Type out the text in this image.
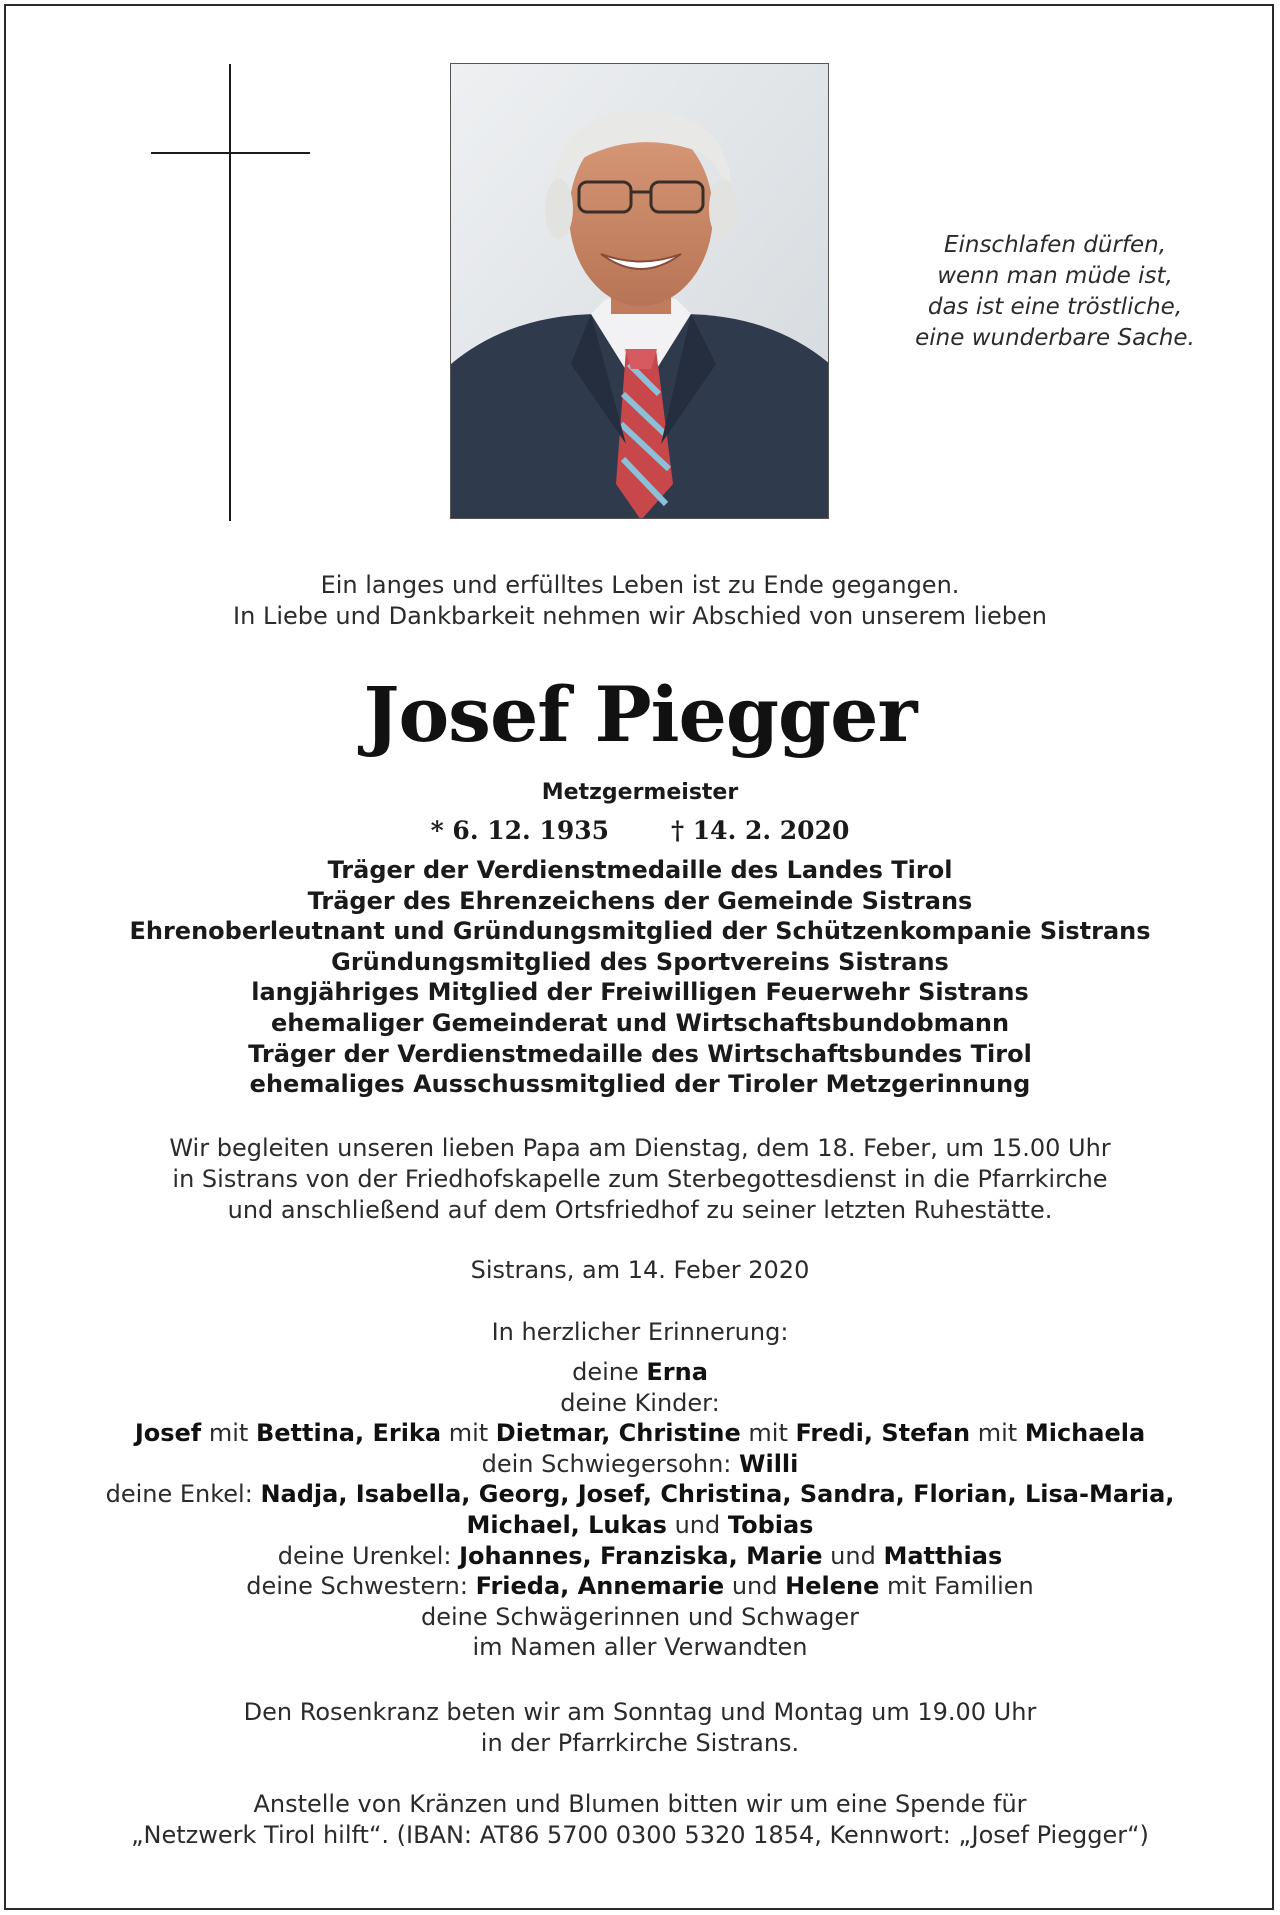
Einschlafen dürfen,
wenn man müde ist,
das ist eine tröstliche,
eine wunderbare Sache.
Ein langes und erfülltes Leben ist zu Ende gegangen.
In Liebe und Dankbarkeit nehmen wir Abschied von unserem lieben
Josef Piegger
Metzgermeister
* 6. 12. 1935 † 14. 2. 2020
Träger der Verdienstmedaille des Landes Tirol
Träger des Ehrenzeichens der Gemeinde Sistrans
Ehrenoberleutnant und Gründungsmitglied der Schützenkompanie Sistrans
Gründungsmitglied des Sportvereins Sistrans
langjähriges Mitglied der Freiwilligen Feuerwehr Sistrans
ehemaliger Gemeinderat und Wirtschaftsbundobmann
Träger der Verdienstmedaille des Wirtschaftsbundes Tirol
ehemaliges Ausschussmitglied der Tiroler Metzgerinnung
Wir begleiten unseren lieben Papa am Dienstag, dem 18. Feber, um 15.00 Uhr
in Sistrans von der Friedhofskapelle zum Sterbegottesdienst in die Pfarrkirche
und anschließend auf dem Ortsfriedhof zu seiner letzten Ruhestätte.
Sistrans, am 14. Feber 2020
In herzlicher Erinnerung:
deine Erna
deine Kinder:
Josef mit Bettina, Erika mit Dietmar, Christine mit Fredi, Stefan mit Michaela
dein Schwiegersohn: Willi
deine Enkel: Nadja, Isabella, Georg, Josef, Christina, Sandra, Florian, Lisa-Maria,
Michael, Lukas und Tobias
deine Urenkel: Johannes, Franziska, Marie und Matthias
deine Schwestern: Frieda, Annemarie und Helene mit Familien
deine Schwägerinnen und Schwager
im Namen aller Verwandten
Den Rosenkranz beten wir am Sonntag und Montag um 19.00 Uhr
in der Pfarrkirche Sistrans.
Anstelle von Kränzen und Blumen bitten wir um eine Spende für
„Netzwerk Tirol hilft“. (IBAN: AT86 5700 0300 5320 1854, Kennwort: „Josef Piegger“)
